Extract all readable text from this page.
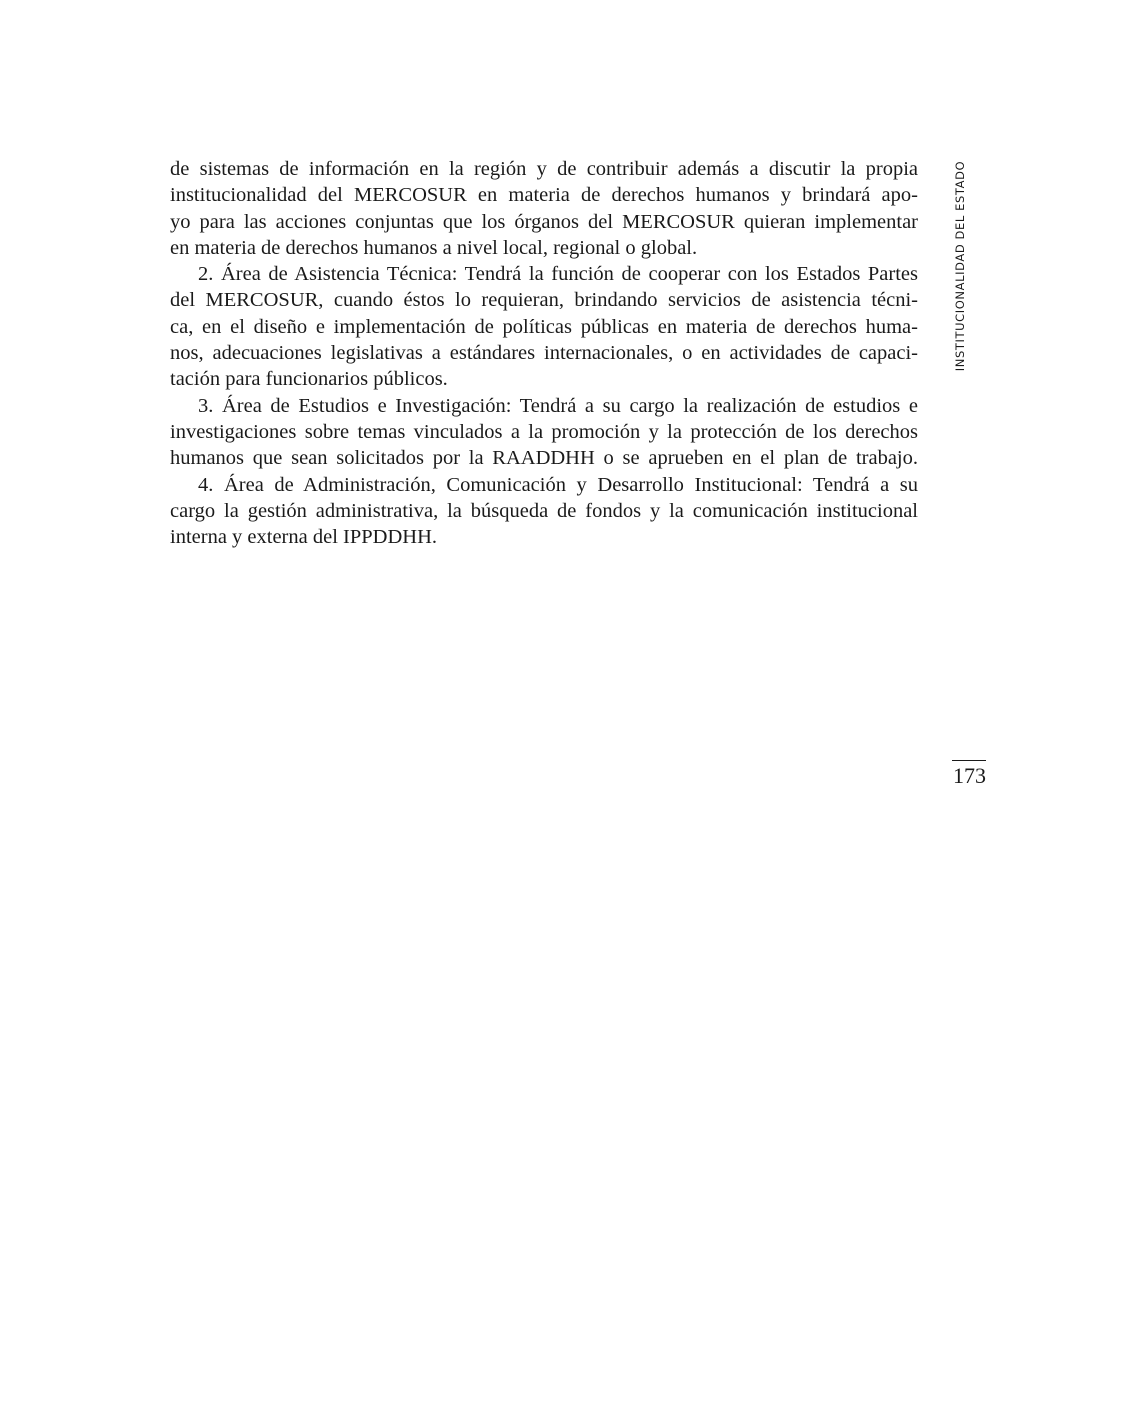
INSTITUCIONALIDAD DEL ESTADO
de sistemas de información en la región y de contribuir además a discutir la propia
institucionalidad del MERCOSUR en materia de derechos humanos y brindará apo-
yo para las acciones conjuntas que los órganos del MERCOSUR quieran implementar
en materia de derechos humanos a nivel local, regional o global.
2. Área de Asistencia Técnica: Tendrá la función de cooperar con los Estados Partes
del MERCOSUR, cuando éstos lo requieran, brindando servicios de asistencia técni-
ca, en el diseño e implementación de políticas públicas en materia de derechos huma-
nos, adecuaciones legislativas a estándares internacionales, o en actividades de capaci-
tación para funcionarios públicos.
3. Área de Estudios e Investigación: Tendrá a su cargo la realización de estudios e
investigaciones sobre temas vinculados a la promoción y la protección de los derechos
humanos que sean solicitados por la RAADDHH o se aprueben en el plan de trabajo.
4. Área de Administración, Comunicación y Desarrollo Institucional: Tendrá a su
cargo la gestión administrativa, la búsqueda de fondos y la comunicación institucional
interna y externa del IPPDDHH.
173
